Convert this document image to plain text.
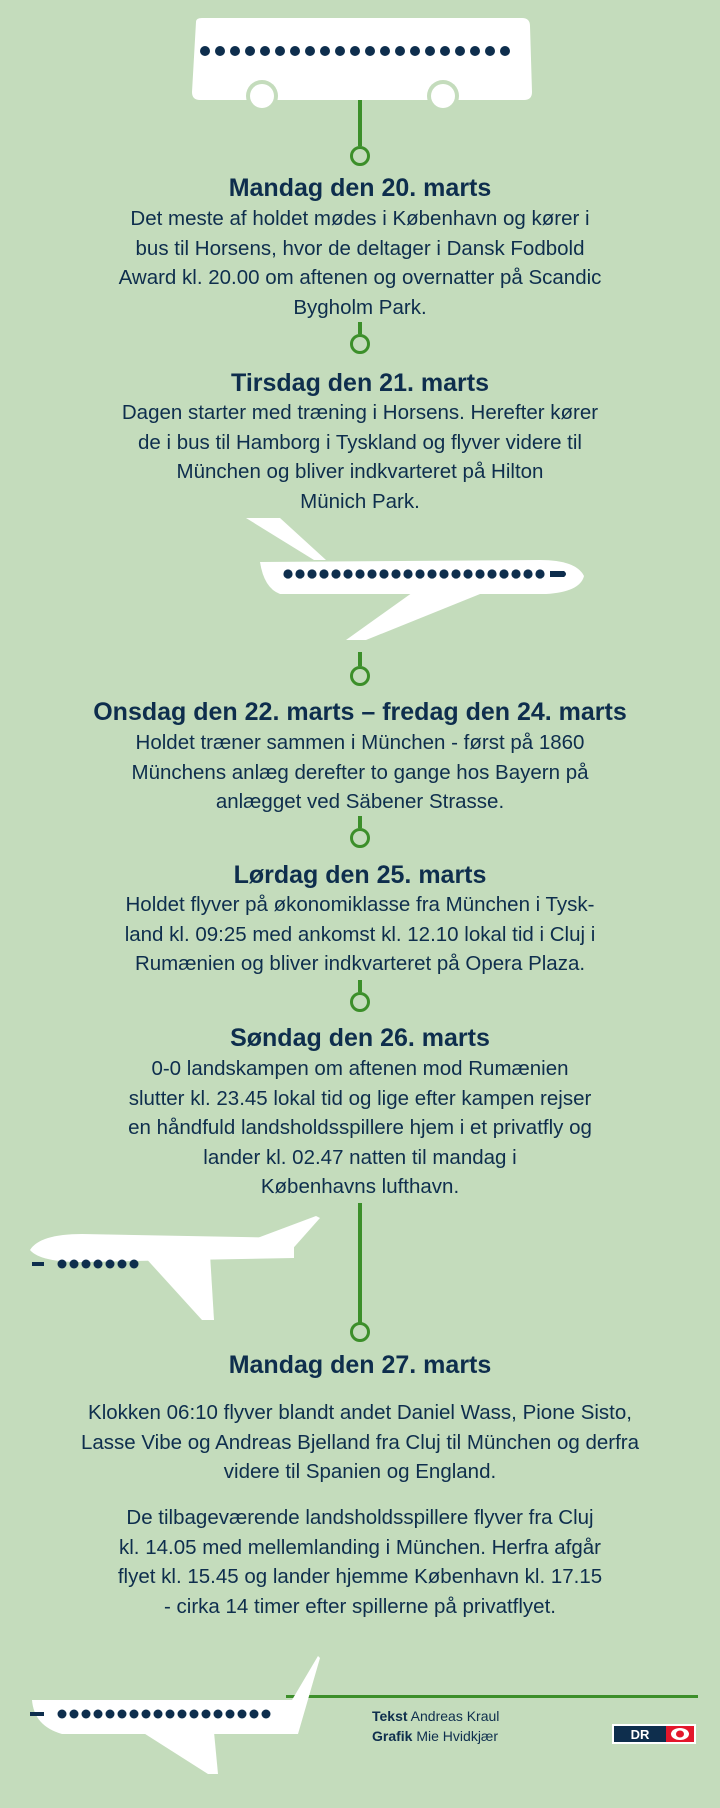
Mandag den 20. marts
Det meste af holdet mødes i København og kører i
bus til Horsens, hvor de deltager i Dansk Fodbold
Award kl. 20.00 om aftenen og overnatter på Scandic
Bygholm Park.
Tirsdag den 21. marts
Dagen starter med træning i Horsens. Herefter kører
de i bus til Hamborg i Tyskland og flyver videre til
München og bliver indkvarteret på Hilton
Münich Park.
Onsdag den 22. marts – fredag den 24. marts
Holdet træner sammen i München - først på 1860
Münchens anlæg derefter to gange hos Bayern på
anlægget ved Säbener Strasse.
Lørdag den 25. marts
Holdet flyver på økonomiklasse fra München i Tysk-
land kl. 09:25 med ankomst kl. 12.10 lokal tid i Cluj i
Rumænien og bliver indkvarteret på Opera Plaza.
Søndag den 26. marts
0-0 landskampen om aftenen mod Rumænien
slutter kl. 23.45 lokal tid og lige efter kampen rejser
en håndfuld landsholdsspillere hjem i et privatfly og
lander kl. 02.47 natten til mandag i
Københavns lufthavn.
Mandag den 27. marts
Klokken 06:10 flyver blandt andet Daniel Wass, Pione Sisto,
Lasse Vibe og Andreas Bjelland fra Cluj til München og derfra
videre til Spanien og England.
De tilbageværende landsholdsspillere flyver fra Cluj
kl. 14.05 med mellemlanding i München. Herfra afgår
flyet kl. 15.45 og lander hjemme København kl. 17.15
- cirka 14 timer efter spillerne på privatflyet.
Tekst Andreas Kraul
Grafik Mie Hvidkjær	DR
